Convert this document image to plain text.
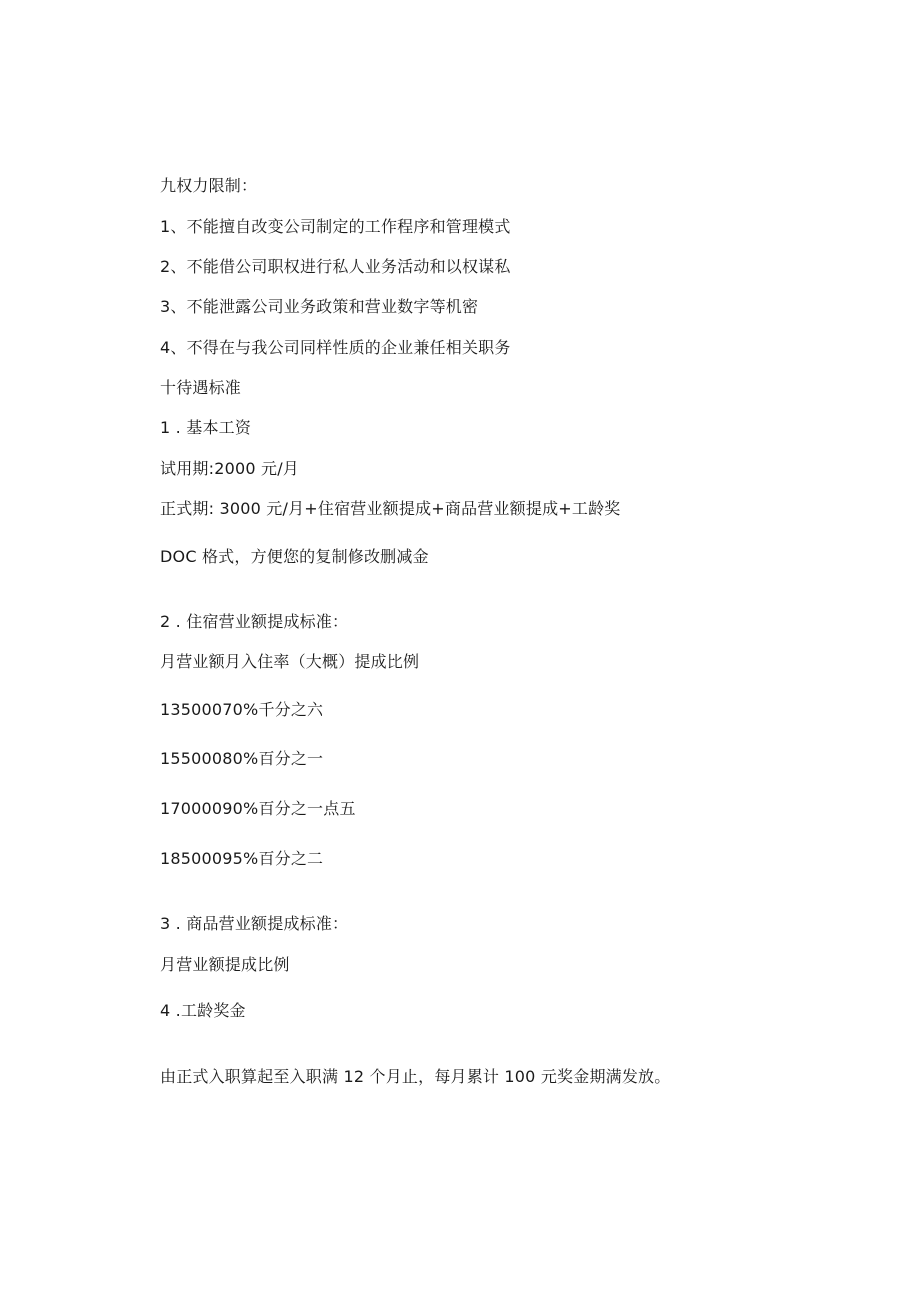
九权力限制：
1、不能擅自改变公司制定的工作程序和管理模式
2、不能借公司职权进行私人业务活动和以权谋私
3、不能泄露公司业务政策和营业数字等机密
4、不得在与我公司同样性质的企业兼任相关职务
十待遇标准
1 . 基本工资
试用期:2000 元/月
正式期: 3000 元/月+住宿营业额提成+商品营业额提成+工龄奖
DOC 格式，方便您的复制修改删减金
2 . 住宿营业额提成标准：
月营业额月入住率（大概）提成比例
13500070%千分之六
15500080%百分之一
17000090%百分之一点五
18500095%百分之二
3 . 商品营业额提成标准：
月营业额提成比例
4 .工龄奖金
由正式入职算起至入职满 12 个月止，每月累计 100 元奖金期满发放。
